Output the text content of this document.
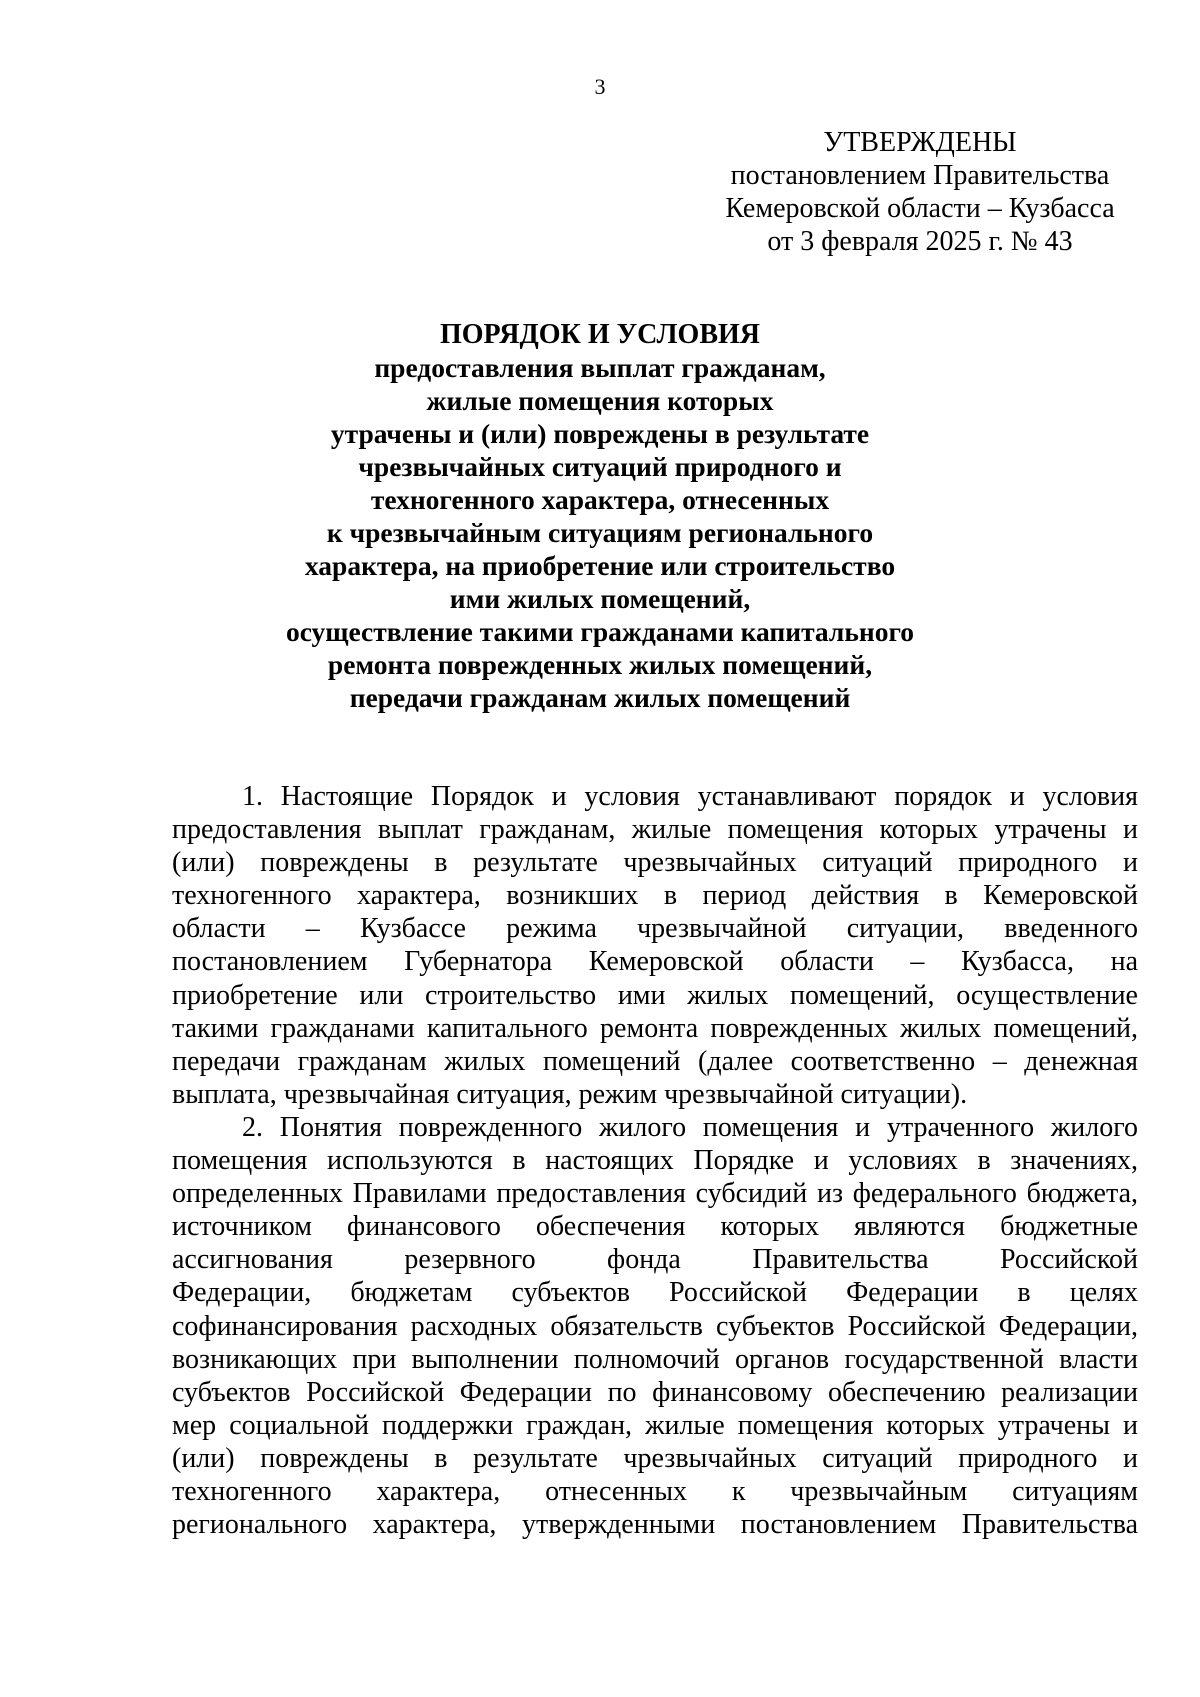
3
УТВЕРЖДЕНЫ
постановлением Правительства
Кемеровской области – Кузбасса
от 3 февраля 2025 г. № 43
ПОРЯДОК И УСЛОВИЯ
предоставления выплат гражданам,
жилые помещения которых
утрачены и (или) повреждены в результате
чрезвычайных ситуаций природного и
техногенного характера, отнесенных
к чрезвычайным ситуациям регионального
характера, на приобретение или строительство
ими жилых помещений,
осуществление такими гражданами капитального
ремонта поврежденных жилых помещений,
передачи гражданам жилых помещений
1. Настоящие Порядок и условия устанавливают порядок и условия
предоставления выплат гражданам, жилые помещения которых утрачены и
(или) повреждены в результате чрезвычайных ситуаций природного и
техногенного характера, возникших в период действия в Кемеровской
области – Кузбассе режима чрезвычайной ситуации, введенного
постановлением Губернатора Кемеровской области – Кузбасса, на
приобретение или строительство ими жилых помещений, осуществление
такими гражданами капитального ремонта поврежденных жилых помещений,
передачи гражданам жилых помещений (далее соответственно – денежная
выплата, чрезвычайная ситуация, режим чрезвычайной ситуации).
2. Понятия поврежденного жилого помещения и утраченного жилого
помещения используются в настоящих Порядке и условиях в значениях,
определенных Правилами предоставления субсидий из федерального бюджета,
источником финансового обеспечения которых являются бюджетные
ассигнования резервного фонда Правительства Российской
Федерации, бюджетам субъектов Российской Федерации в целях
софинансирования расходных обязательств субъектов Российской Федерации,
возникающих при выполнении полномочий органов государственной власти
субъектов Российской Федерации по финансовому обеспечению реализации
мер социальной поддержки граждан, жилые помещения которых утрачены и
(или) повреждены в результате чрезвычайных ситуаций природного и
техногенного характера, отнесенных к чрезвычайным ситуациям
регионального характера, утвержденными постановлением Правительства
